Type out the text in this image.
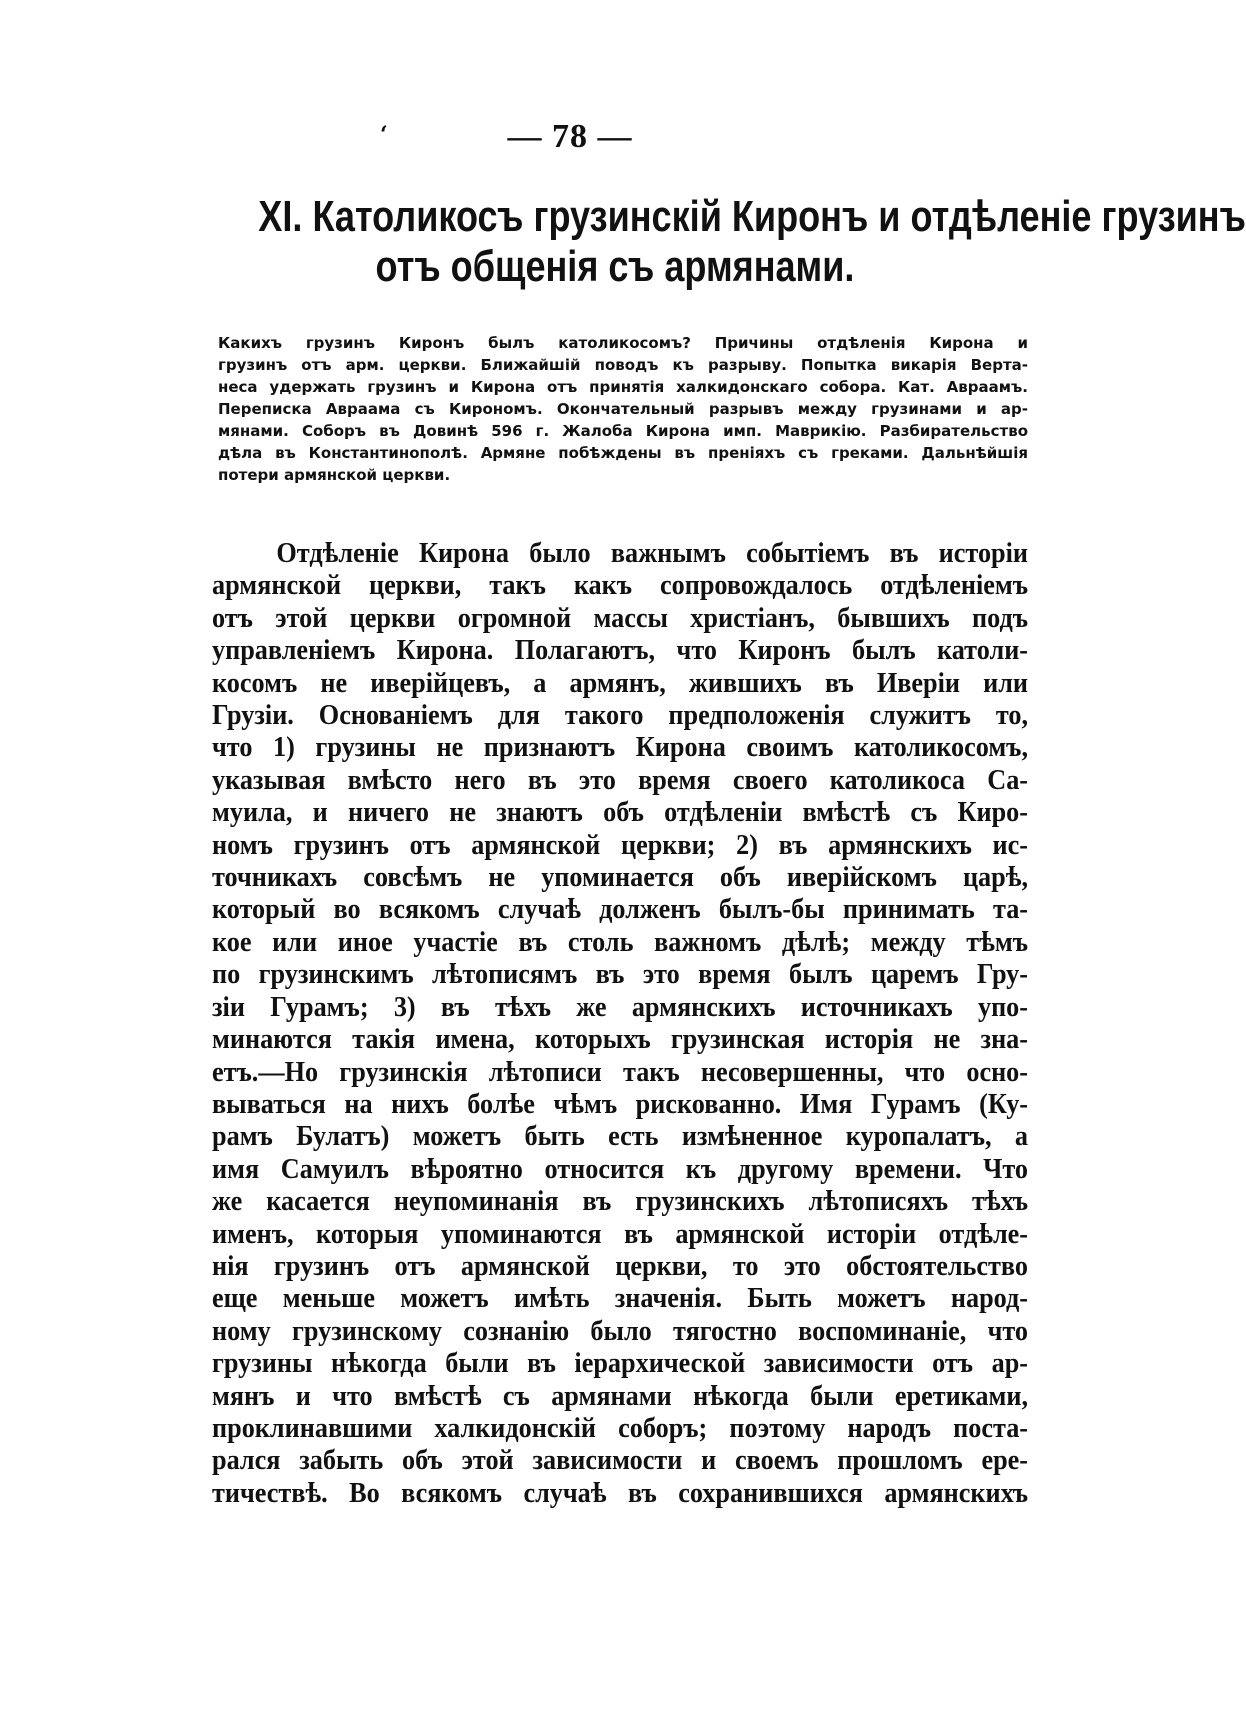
‘	— 78 —
XI. Католикосъ грузинскій Киронъ и отдѣленіе грузинъ
отъ общенія съ армянами.
Какихъ грузинъ Киронъ былъ католикосомъ? Причины отдѣленія Кирона и
грузинъ отъ арм. церкви. Ближайшій поводъ къ разрыву. Попытка викарія Верта-
неса удержать грузинъ и Кирона отъ принятія халкидонскаго собора. Кат. Авраамъ.
Переписка Авраама съ Кирономъ. Окончательный разрывъ между грузинами и ар-
мянами. Соборъ въ Довинѣ 596 г. Жалоба Кирона имп. Маврикію. Разбирательство
дѣла въ Константинополѣ. Армяне побѣждены въ преніяхъ съ греками. Дальнѣйшія
потери армянской церкви.
Отдѣленіе Кирона было важнымъ событіемъ въ исторіи
армянской церкви, такъ какъ сопровождалось отдѣленіемъ
отъ этой церкви огромной массы христіанъ, бывшихъ подъ
управленіемъ Кирона. Полагаютъ, что Киронъ былъ католи-
косомъ не иверійцевъ, а армянъ, жившихъ въ Иверіи или
Грузіи. Основаніемъ для такого предположенія служитъ то,
что 1) грузины не признаютъ Кирона своимъ католикосомъ,
указывая вмѣсто него въ это время своего католикоса Са-
муила, и ничего не знаютъ объ отдѣленіи вмѣстѣ съ Киро-
номъ грузинъ отъ армянской церкви; 2) въ армянскихъ ис-
точникахъ совсѣмъ не упоминается объ иверійскомъ царѣ,
который во всякомъ случаѣ долженъ былъ-бы принимать та-
кое или иное участіе въ столь важномъ дѣлѣ; между тѣмъ
по грузинскимъ лѣтописямъ въ это время былъ царемъ Гру-
зіи Гурамъ; 3) въ тѣхъ же армянскихъ источникахъ упо-
минаются такія имена, которыхъ грузинская исторія не зна-
етъ.—Но грузинскія лѣтописи такъ несовершенны, что осно-
вываться на нихъ болѣе чѣмъ рискованно. Имя Гурамъ (Ку-
рамъ Булатъ) можетъ быть есть измѣненное куропалатъ, а
имя Самуилъ вѣроятно относится къ другому времени. Что
же касается неупоминанія въ грузинскихъ лѣтописяхъ тѣхъ
именъ, которыя упоминаются въ армянской исторіи отдѣле-
нія грузинъ отъ армянской церкви, то это обстоятельство
еще меньше можетъ имѣть значенія. Быть можетъ народ-
ному грузинскому сознанію было тягостно воспоминаніе, что
грузины нѣкогда были въ іерархической зависимости отъ ар-
мянъ и что вмѣстѣ съ армянами нѣкогда были еретиками,
проклинавшими халкидонскій соборъ; поэтому народъ поста-
рался забыть объ этой зависимости и своемъ прошломъ ере-
тичествѣ. Во всякомъ случаѣ въ сохранившихся армянскихъ
